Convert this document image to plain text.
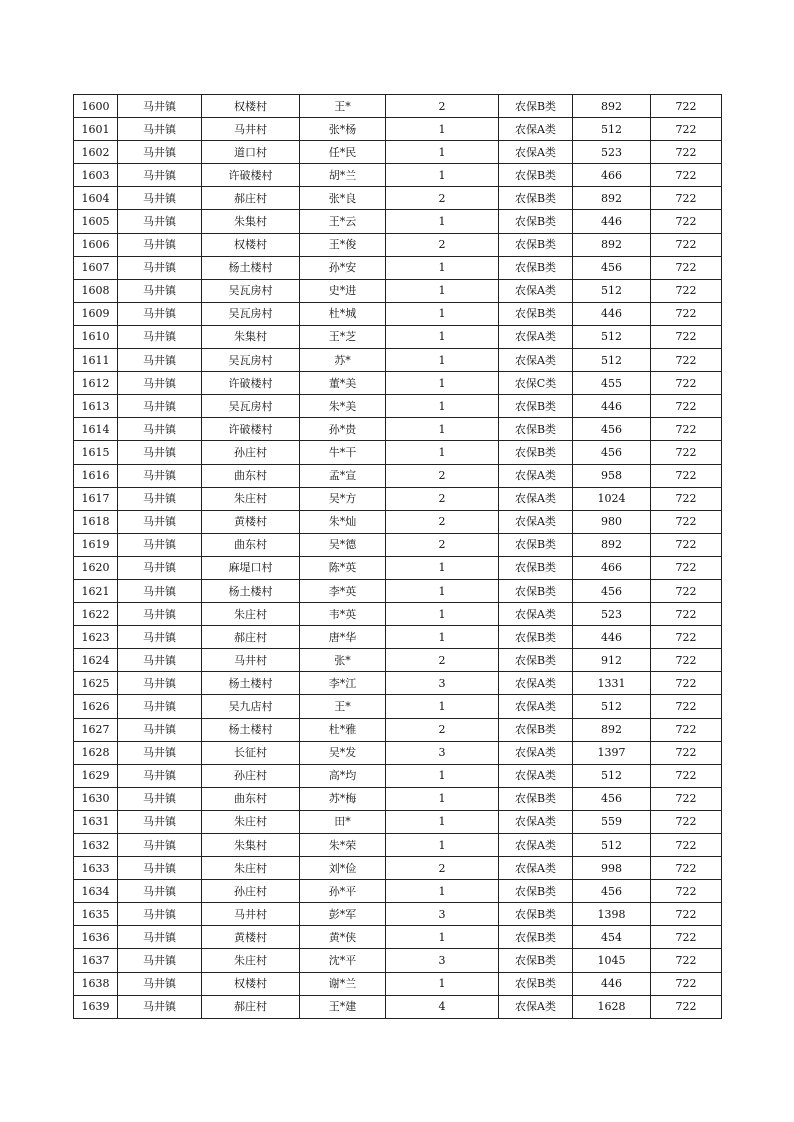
1600	马井镇	权楼村	王*	2	农保B类	892	722
1601	马井镇	马井村	张*杨	1	农保A类	512	722
1602	马井镇	道口村	任*民	1	农保A类	523	722
1603	马井镇	许破楼村	胡*兰	1	农保B类	466	722
1604	马井镇	郝庄村	张*良	2	农保B类	892	722
1605	马井镇	朱集村	王*云	1	农保B类	446	722
1606	马井镇	权楼村	王*俊	2	农保B类	892	722
1607	马井镇	杨土楼村	孙*安	1	农保B类	456	722
1608	马井镇	吴瓦房村	史*进	1	农保A类	512	722
1609	马井镇	吴瓦房村	杜*城	1	农保B类	446	722
1610	马井镇	朱集村	王*芝	1	农保A类	512	722
1611	马井镇	吴瓦房村	苏*	1	农保A类	512	722
1612	马井镇	许破楼村	董*美	1	农保C类	455	722
1613	马井镇	吴瓦房村	朱*美	1	农保B类	446	722
1614	马井镇	许破楼村	孙*贵	1	农保B类	456	722
1615	马井镇	孙庄村	牛*干	1	农保B类	456	722
1616	马井镇	曲东村	孟*宣	2	农保A类	958	722
1617	马井镇	朱庄村	吴*方	2	农保A类	1024	722
1618	马井镇	黄楼村	朱*灿	2	农保A类	980	722
1619	马井镇	曲东村	吴*德	2	农保B类	892	722
1620	马井镇	麻堤口村	陈*英	1	农保B类	466	722
1621	马井镇	杨土楼村	李*英	1	农保B类	456	722
1622	马井镇	朱庄村	韦*英	1	农保A类	523	722
1623	马井镇	郝庄村	唐*华	1	农保B类	446	722
1624	马井镇	马井村	张*	2	农保B类	912	722
1625	马井镇	杨土楼村	李*江	3	农保A类	1331	722
1626	马井镇	吴九店村	王*	1	农保A类	512	722
1627	马井镇	杨土楼村	杜*雅	2	农保B类	892	722
1628	马井镇	长征村	吴*发	3	农保A类	1397	722
1629	马井镇	孙庄村	高*均	1	农保A类	512	722
1630	马井镇	曲东村	苏*梅	1	农保B类	456	722
1631	马井镇	朱庄村	田*	1	农保A类	559	722
1632	马井镇	朱集村	朱*荣	1	农保A类	512	722
1633	马井镇	朱庄村	刘*俭	2	农保A类	998	722
1634	马井镇	孙庄村	孙*平	1	农保B类	456	722
1635	马井镇	马井村	彭*军	3	农保B类	1398	722
1636	马井镇	黄楼村	黄*侠	1	农保B类	454	722
1637	马井镇	朱庄村	沈*平	3	农保B类	1045	722
1638	马井镇	权楼村	谢*兰	1	农保B类	446	722
1639	马井镇	郝庄村	王*建	4	农保A类	1628	722
